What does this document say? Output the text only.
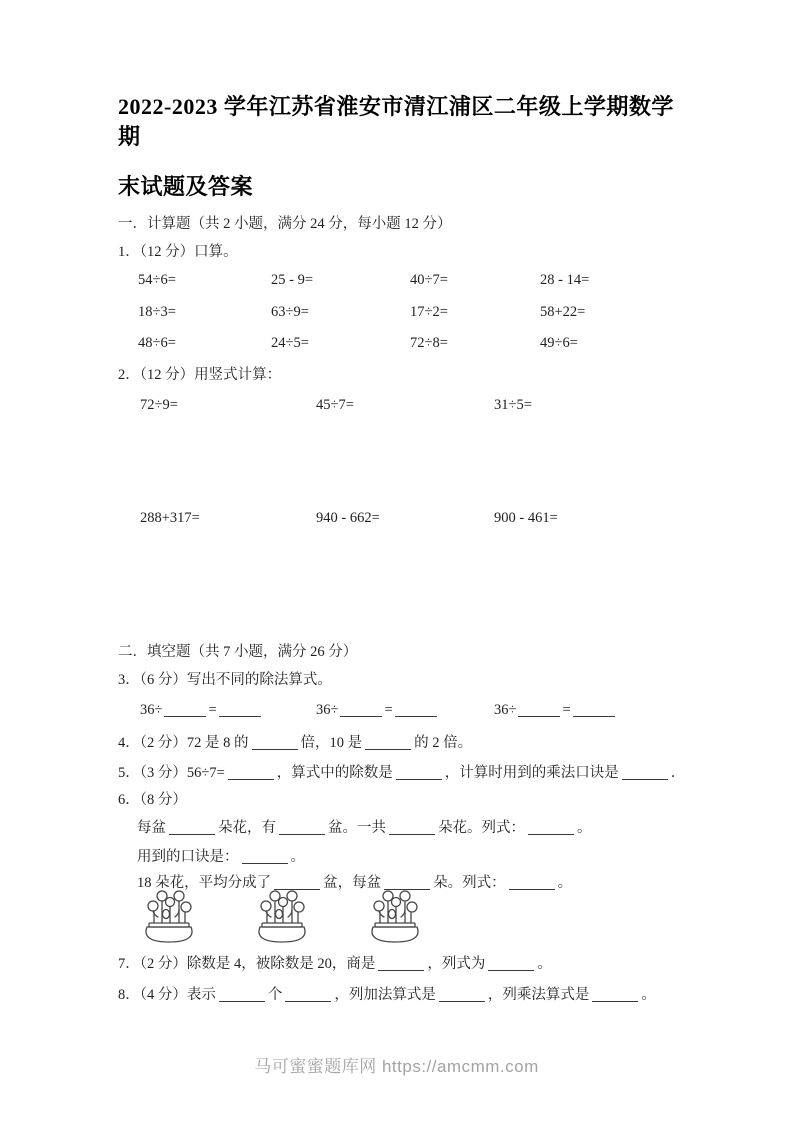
2022-2023 学年江苏省淮安市清江浦区二年级上学期数学期
末试题及答案
一．计算题（共 2 小题，满分 24 分，每小题 12 分）
1．（12 分）口算。
54÷6=	25 - 9=	40÷7=	28 - 14=
18÷3=	63÷9=	17÷2=	58+22=
48÷6=	24÷5=	72÷8=	49÷6=
2．（12 分）用竖式计算：
72÷9=	45÷7=	31÷5=
288+317=	940 - 662=	900 - 461=
二．填空题（共 7 小题，满分 26 分）
3．（6 分）写出不同的除法算式。
36÷	=	36÷	=	36÷	=
4．（2 分）72 是 8 的	倍，10 是	的 2 倍。
5．（3 分）56÷7=	，算式中的除数是	，计算时用到的乘法口诀是	．
6．（8 分）
每盆	朵花，有	盆。一共	朵花。列式：	。
用到的口诀是：	。
18 朵花，平均分成了	盆，每盆	朵。列式：	。
7．（2 分）除数是 4，被除数是 20，商是	，列式为	。
8．（4 分）表示	个	，列加法算式是	，列乘法算式是	。
马可蜜蜜题库网 https://amcmm.com
